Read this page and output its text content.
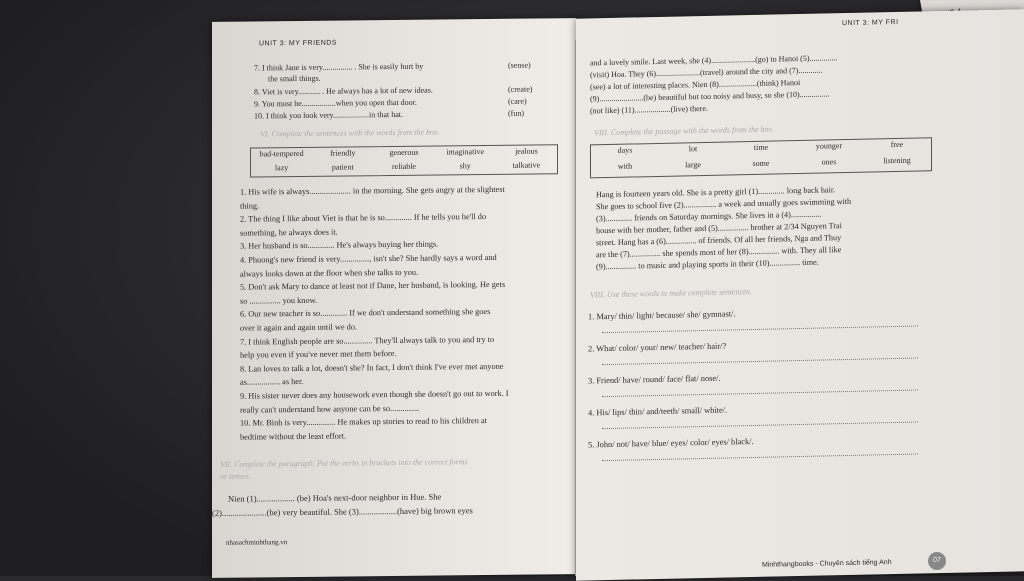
UNIT 3: MY FRIENDS
7. I think Jane is very............... . She is easily hurt by	(sense)
the small things.
8. Viet is very........... . He always has a lot of new ideas.	(create)
9. You must be.................when you open that door.	(care)
10. I think you look very..................in that hat.	(fun)
VI. Complete the sentences with the words from the box.
bad-tempered	friendly	generous	imaginative	jealous
lazy	patient	reliable	shy	talkative
1. His wife is always.................... in the morning. She gets angry at the slightest
thing.
2. The thing I like about Viet is that he is so............. If he tells you he'll do
something, he always does it.
3. Her husband is so............. He's always buying her things.
4. Phuong's new friend is very.............., isn't she? She hardly says a word and
always looks down at the floor when she talks to you.
5. Don't ask Mary to dance at least not if Dane, her husband, is looking. He gets
so ............... you know.
6. Our new teacher is so............. If we don't understand something she goes
over it again and again until we do.
7. I think English people are so.............. They'll always talk to you and try to
help you even if you've never met them before.
8. Lan loves to talk a lot, doesn't she? In fact, I don't think I've ever met anyone
as................ as her.
9. His sister never does any housework even though she doesn't go out to work. I
really can't understand how anyone can be so..............
10. Mr. Binh is very.............. He makes up stories to read to his children at
bedtime without the least effort.
VII. Complete the paragraph. Put the verbs in brackets into the correct forms
or tenses.
Nien (1).................. (be) Hoa's next-door neighbor in Hue. She
(2).....................(be) very beautiful. She (3)..................(have) big brown eyes
nhasachminhthang.vn
UNIT 3: MY FRI
and a lovely smile. Last week, she (4)......................(go) to Hanoi (5)..............
(visit) Hoa. They (6)......................(travel) around the city and (7)............
(see) a lot of interesting places. Nien (8)...................(think) Hanoi
(9)......................(be) beautiful but too noisy and busy, so she (10)...............
(not like) (11)..................(live) there.
VIII. Complete the passage with the words from the box.
days	lot	time	younger	free
with	large	some	ones	listening
Hang is fourteen years old. She is a pretty girl (1)............. long back hair.
She goes to school five (2)................ a week and usually goes swimming with
(3)............. friends on Saturday mornings. She lives in a (4)...............
house with her mother, father and (5)............... brother at 2/34 Nguyen Trai
street. Hang has a (6)............... of friends. Of all her friends, Nga and Thuy
are the (7)............... she spends most of her (8)............... with. They all like
(9)............... to music and playing sports in their (10)............... time.
VIII. Use these words to make complete sentences.
1. Mary/ thin/ light/ because/ she/ gymnast/.
2. What/ color/ your/ new/ teacher/ hair/?
3. Friend/ have/ round/ face/ flat/ nose/.
4. His/ lips/ thin/ and/teeth/ small/ white/.
5. John/ not/ have/ blue/ eyes/ color/ eyes/ black/.
Minhthangbooks - Chuyên sách tiếng Anh	07
